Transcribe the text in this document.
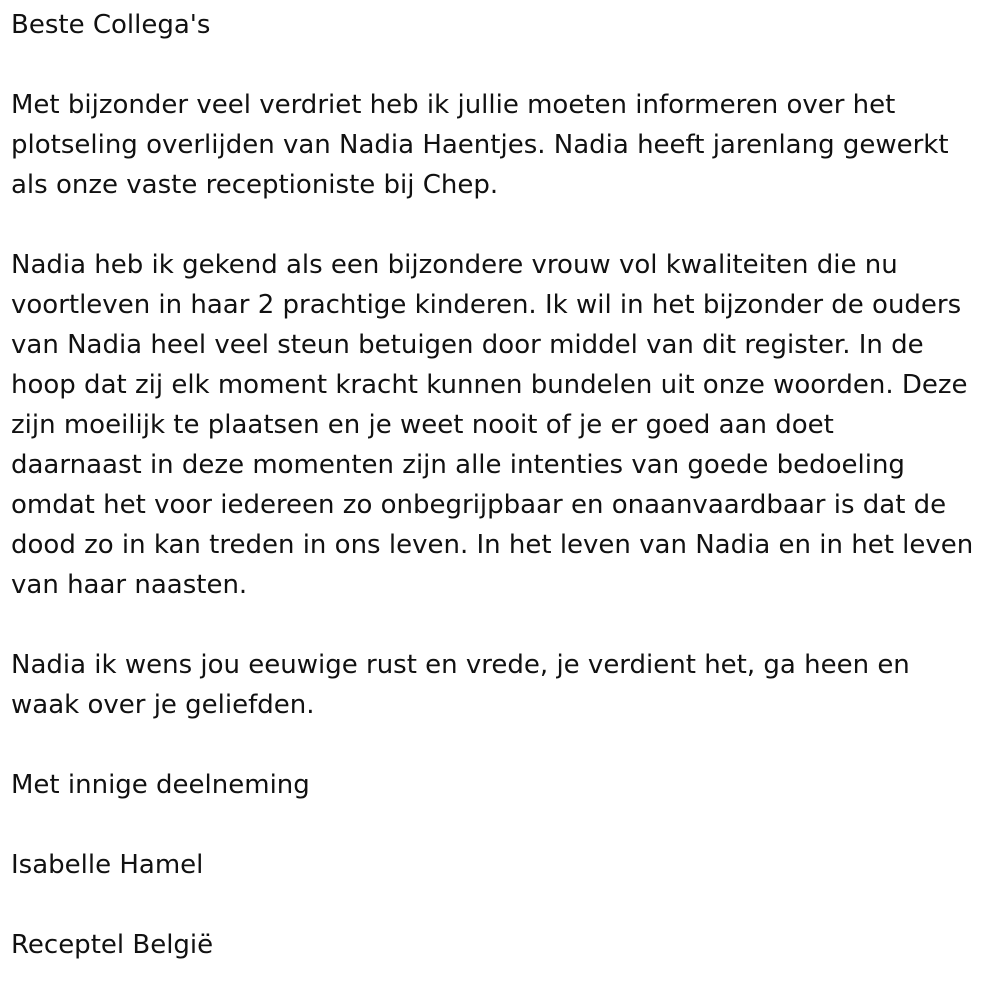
Beste Collega's
Met bijzonder veel verdriet heb ik jullie moeten informeren over het
plotseling overlijden van Nadia Haentjes. Nadia heeft jarenlang gewerkt
als onze vaste receptioniste bij Chep.
Nadia heb ik gekend als een bijzondere vrouw vol kwaliteiten die nu
voortleven in haar 2 prachtige kinderen. Ik wil in het bijzonder de ouders
van Nadia heel veel steun betuigen door middel van dit register. In de
hoop dat zij elk moment kracht kunnen bundelen uit onze woorden. Deze
zijn moeilijk te plaatsen en je weet nooit of je er goed aan doet
daarnaast in deze momenten zijn alle intenties van goede bedoeling
omdat het voor iedereen zo onbegrijpbaar en onaanvaardbaar is dat de
dood zo in kan treden in ons leven. In het leven van Nadia en in het leven
van haar naasten.
Nadia ik wens jou eeuwige rust en vrede, je verdient het, ga heen en
waak over je geliefden.
Met innige deelneming
Isabelle Hamel
Receptel België
